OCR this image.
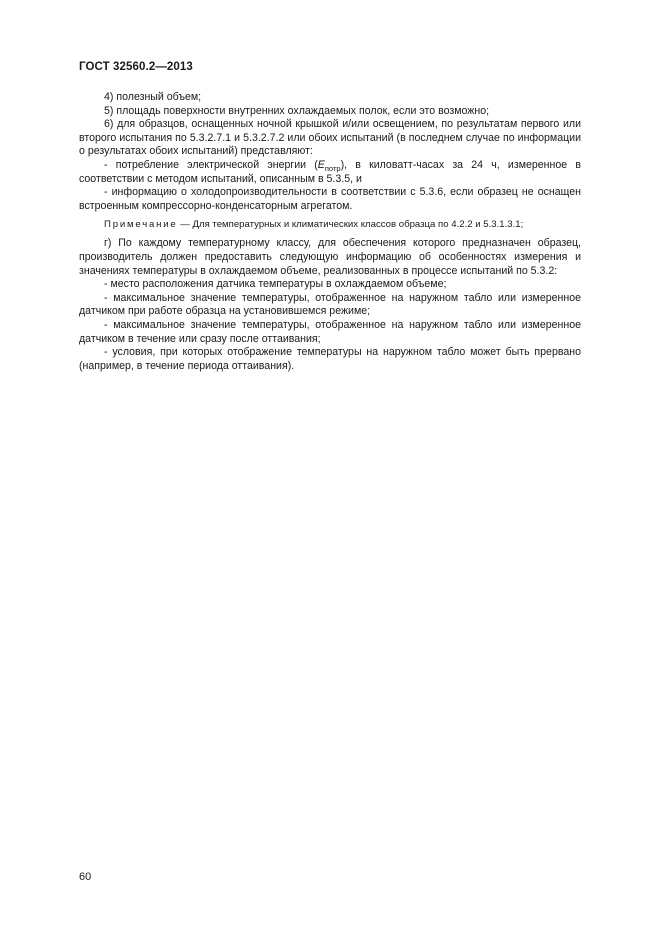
ГОСТ 32560.2—2013

4) полезный объем;

5) площадь поверхности внутренних охлаждаемых полок, если это возможно;

6) для образцов, оснащенных ночной крышкой и/или освещением, по результатам первого или второго испытания по 5.3.2.7.1 и 5.3.2.7.2 или обоих испытаний (в последнем случае по информации о результатах обоих испытаний) представляют:

- потребление электрической энергии $(E_{потр})$, в киловатт-часах за 24 ч, измеренное в соответствии с методом испытаний, описанным в 5.3.5, и

- информацию о холодопроизводительности в соответствии с 5.3.6, если образец не оснащен встроенным компрессорно-конденсаторным агрегатом.

Примечание — Для температурных и климатических классов образца по 4.2.2 и 5.3.1.3.1;

г) По каждому температурному классу, для обеспечения которого предназначен образец, производитель должен предоставить следующую информацию об особенностях измерения и значениях температуры в охлаждаемом объеме, реализованных в процессе испытаний по 5.3.2:

- место расположения датчика температуры в охлаждаемом объеме;

- максимальное значение температуры, отображенное на наружном табло или измеренное датчиком при работе образца на установившемся режиме;

- максимальное значение температуры, отображенное на наружном табло или измеренное датчиком в течение или сразу после оттаивания;

- условия, при которых отображение температуры на наружном табло может быть прервано (например, в течение периода оттаивания).

60
